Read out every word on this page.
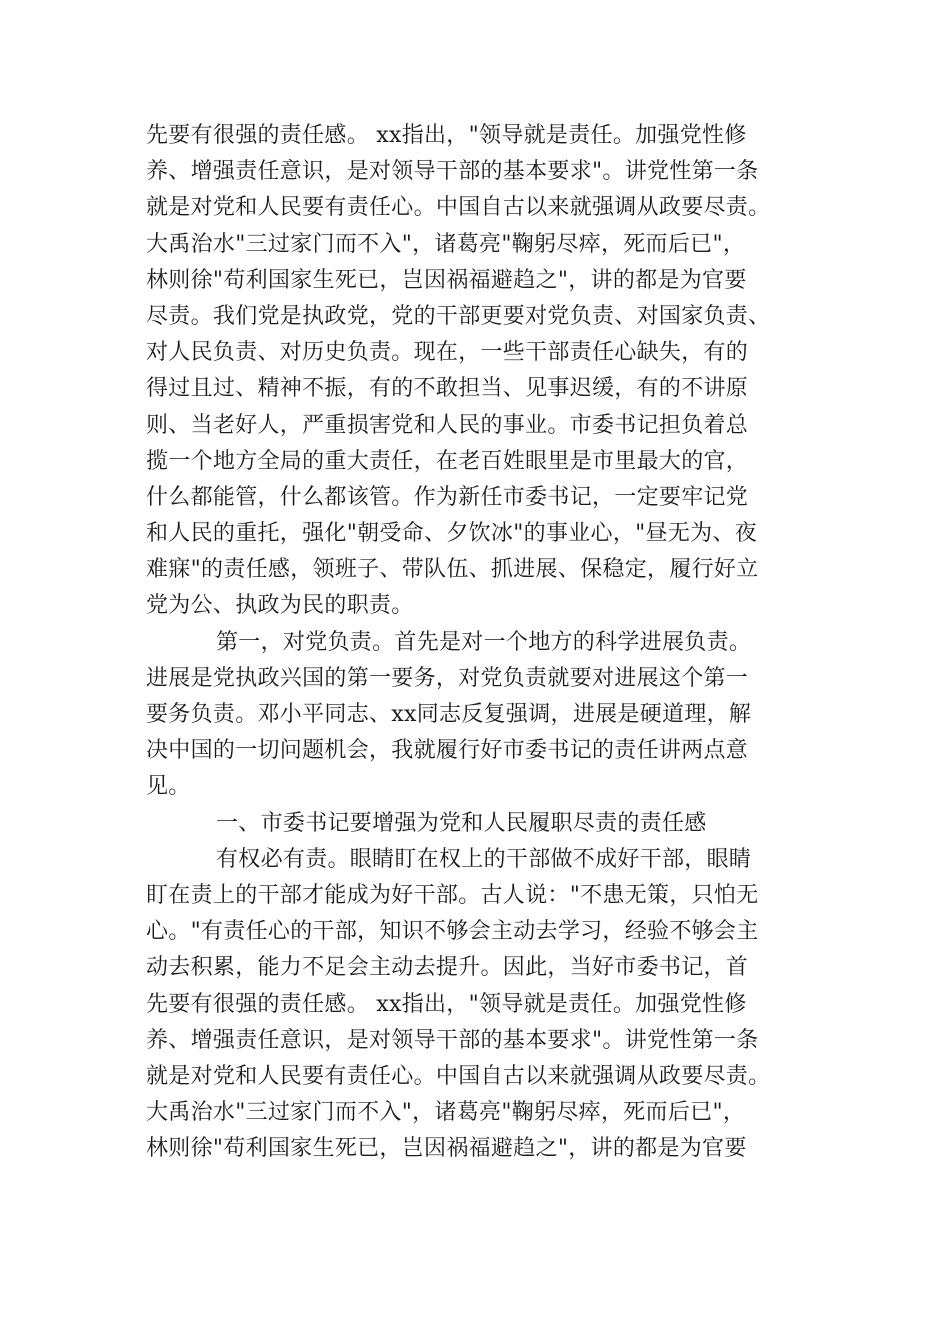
先要有很强的责任感。 xx指出，"领导就是责任。加强党性修
养、增强责任意识，是对领导干部的基本要求"。讲党性第一条
就是对党和人民要有责任心。中国自古以来就强调从政要尽责。
大禹治水"三过家门而不入"，诸葛亮"鞠躬尽瘁，死而后已"，
林则徐"苟利国家生死已，岂因祸福避趋之"，讲的都是为官要
尽责。我们党是执政党，党的干部更要对党负责、对国家负责、
对人民负责、对历史负责。现在，一些干部责任心缺失，有的
得过且过、精神不振，有的不敢担当、见事迟缓，有的不讲原
则、当老好人，严重损害党和人民的事业。市委书记担负着总
揽一个地方全局的重大责任，在老百姓眼里是市里最大的官，
什么都能管，什么都该管。作为新任市委书记，一定要牢记党
和人民的重托，强化"朝受命、夕饮冰"的事业心，"昼无为、夜
难寐"的责任感，领班子、带队伍、抓进展、保稳定，履行好立
党为公、执政为民的职责。
第一，对党负责。首先是对一个地方的科学进展负责。
进展是党执政兴国的第一要务，对党负责就要对进展这个第一
要务负责。邓小平同志、xx同志反复强调，进展是硬道理，解
决中国的一切问题机会，我就履行好市委书记的责任讲两点意
见。
一、市委书记要增强为党和人民履职尽责的责任感
有权必有责。眼睛盯在权上的干部做不成好干部，眼睛
盯在责上的干部才能成为好干部。古人说："不患无策，只怕无
心。"有责任心的干部，知识不够会主动去学习，经验不够会主
动去积累，能力不足会主动去提升。因此，当好市委书记，首
先要有很强的责任感。 xx指出，"领导就是责任。加强党性修
养、增强责任意识，是对领导干部的基本要求"。讲党性第一条
就是对党和人民要有责任心。中国自古以来就强调从政要尽责。
大禹治水"三过家门而不入"，诸葛亮"鞠躬尽瘁，死而后已"，
林则徐"苟利国家生死已，岂因祸福避趋之"，讲的都是为官要
